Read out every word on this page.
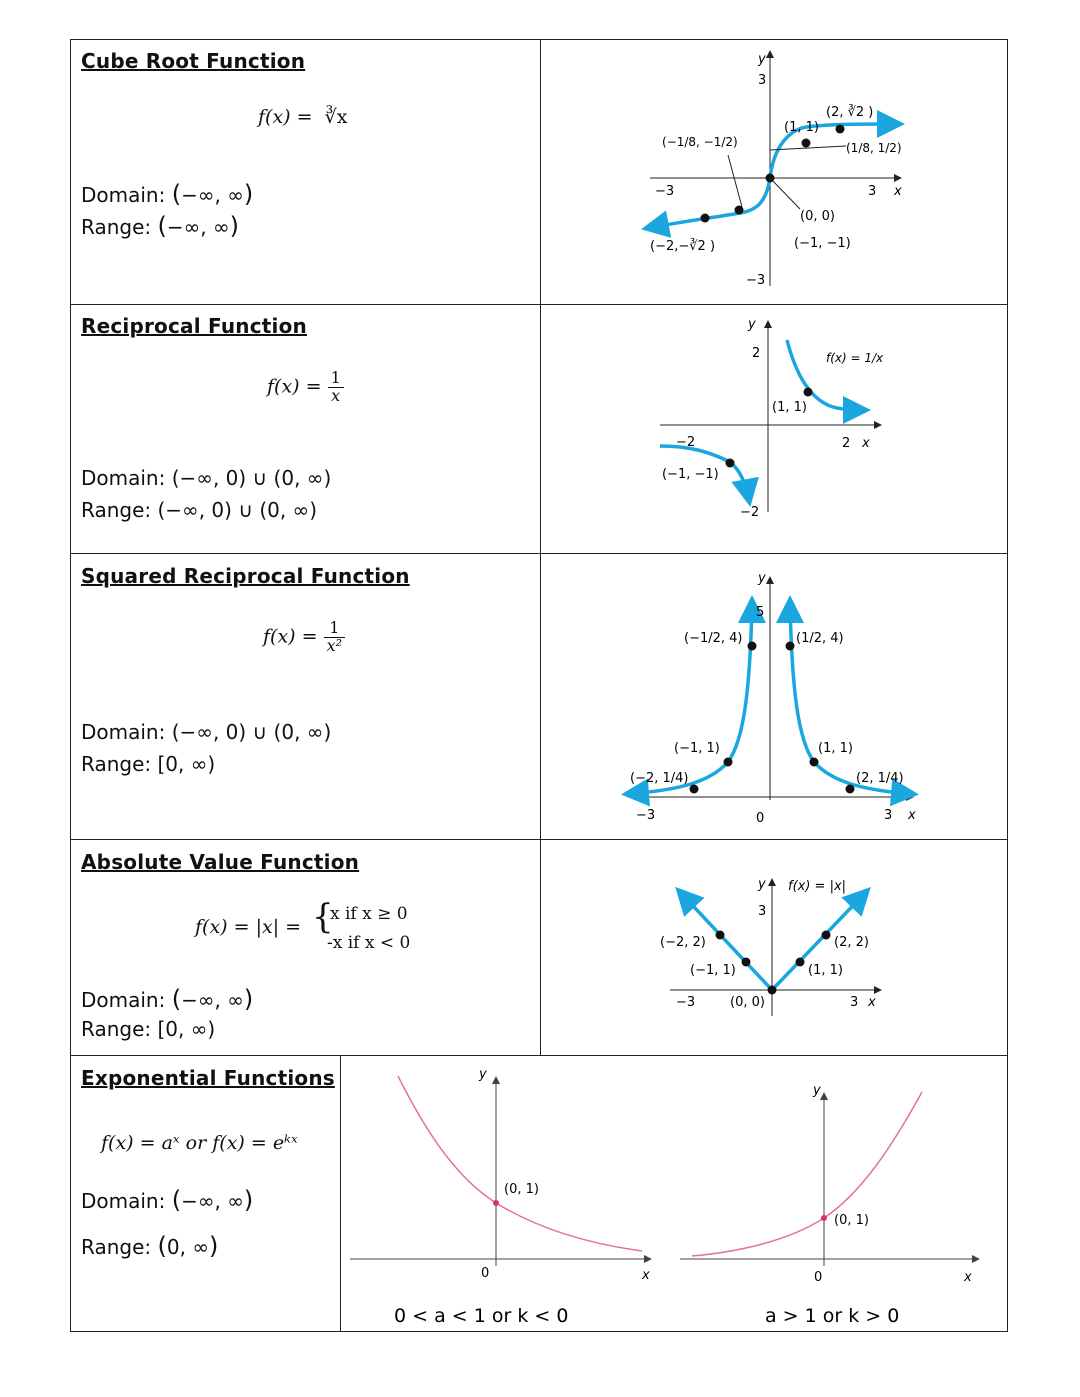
Cube Root Function
f(x) = ∛x
Domain: (−∞, ∞)
Range: (−∞, ∞)
y
x
3
−3
−3
3
(1, 1)
(2, ∛2 )
(−1/8, −1/2)	(1/8, 1/2)
(0, 0)
(−1, −1)
(−2,−∛2 )
Reciprocal Function
$f(x) = \frac{1}{x}$
Domain: (−∞, 0) ∪ (0, ∞)
Range: (−∞, 0) ∪ (0, ∞)
y
x
2
−2	2
−2
f(x) = 1/x
(1, 1)
(−1, −1)
Squared Reciprocal Function
$f(x) = \frac{1}{\text{x²}}$
Domain: (−∞, 0) ∪ (0, ∞)
Range: [0, ∞)
y
x
5
−3	0	3
(−1/2, 4)	(1/2, 4)
(−1, 1)	(1, 1)
(−2, 1/4)	(2, 1/4)
Absolute Value Function
f(x) = |x| = {
x if x ≥ 0
-x if x < 0
Domain: (−∞, ∞)
Range: [0, ∞)
y
x
f(x) = |x|
3
−3	3
(−2, 2)
(−1, 1)
(0, 0)
(2, 2)
(1, 1)
Exponential Functions
f(x) = aˣ or f(x) = eᵏˣ
Domain: (−∞, ∞)
Range: (0, ∞)
y
x
0
(0, 1)
0 < a < 1 or k < 0
y
x
0
(0, 1)
a > 1 or k > 0
